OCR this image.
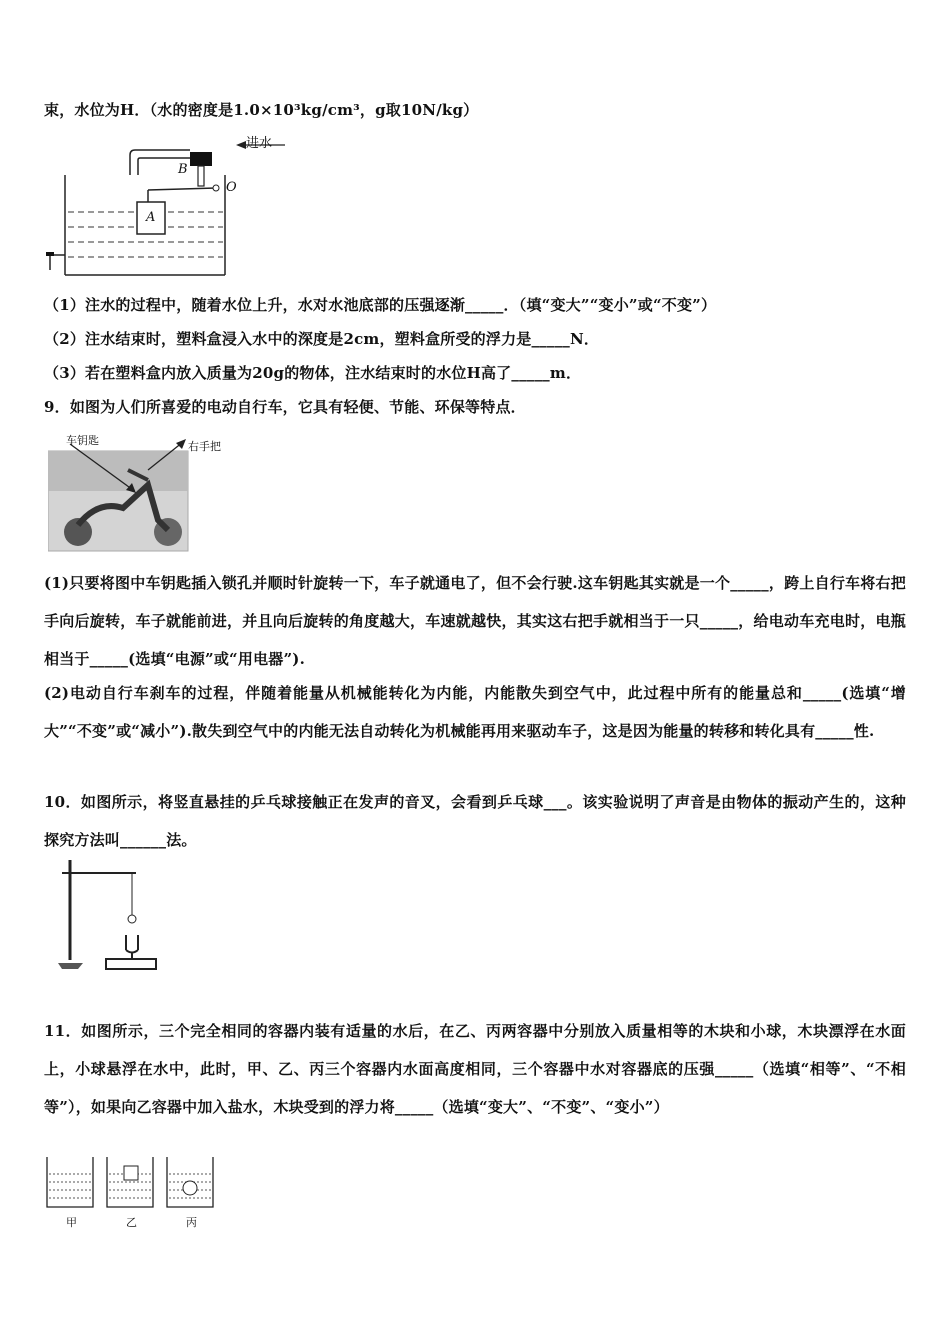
束，水位为H．（水的密度是1.0×10³kg/cm³，g取10N/kg）
进水
B
O
A
（1）注水的过程中，随着水位上升，水对水池底部的压强逐渐_____．（填“变大”“变小”或“不变”）
（2）注水结束时，塑料盒浸入水中的深度是2cm，塑料盒所受的浮力是_____N．
（3）若在塑料盒内放入质量为20g的物体，注水结束时的水位H高了_____m．
9．如图为人们所喜爱的电动自行车，它具有轻便、节能、环保等特点．
车钥匙	右手把
(1)只要将图中车钥匙插入锁孔并顺时针旋转一下，车子就通电了，但不会行驶.这车钥匙其实就是一个_____，跨上自行车将右把手向后旋转，车子就能前进，并且向后旋转的角度越大，车速就越快，其实这右把手就相当于一只_____，给电动车充电时，电瓶相当于_____(选填“电源”或“用电器”).
(2)电动自行车刹车的过程，伴随着能量从机械能转化为内能，内能散失到空气中，此过程中所有的能量总和_____(选填“增大”“不变”或“减小”).散失到空气中的内能无法自动转化为机械能再用来驱动车子，这是因为能量的转移和转化具有_____性.
10．如图所示，将竖直悬挂的乒乓球接触正在发声的音叉，会看到乒乓球___。该实验说明了声音是由物体的振动产生的，这种探究方法叫______法。
11．如图所示，三个完全相同的容器内装有适量的水后，在乙、丙两容器中分别放入质量相等的木块和小球，木块漂浮在水面上，小球悬浮在水中，此时，甲、乙、丙三个容器内水面高度相同，三个容器中水对容器底的压强_____（选填“相等”、“不相等”），如果向乙容器中加入盐水，木块受到的浮力将_____（选填“变大”、“不变”、“变小”）
甲	乙	丙
